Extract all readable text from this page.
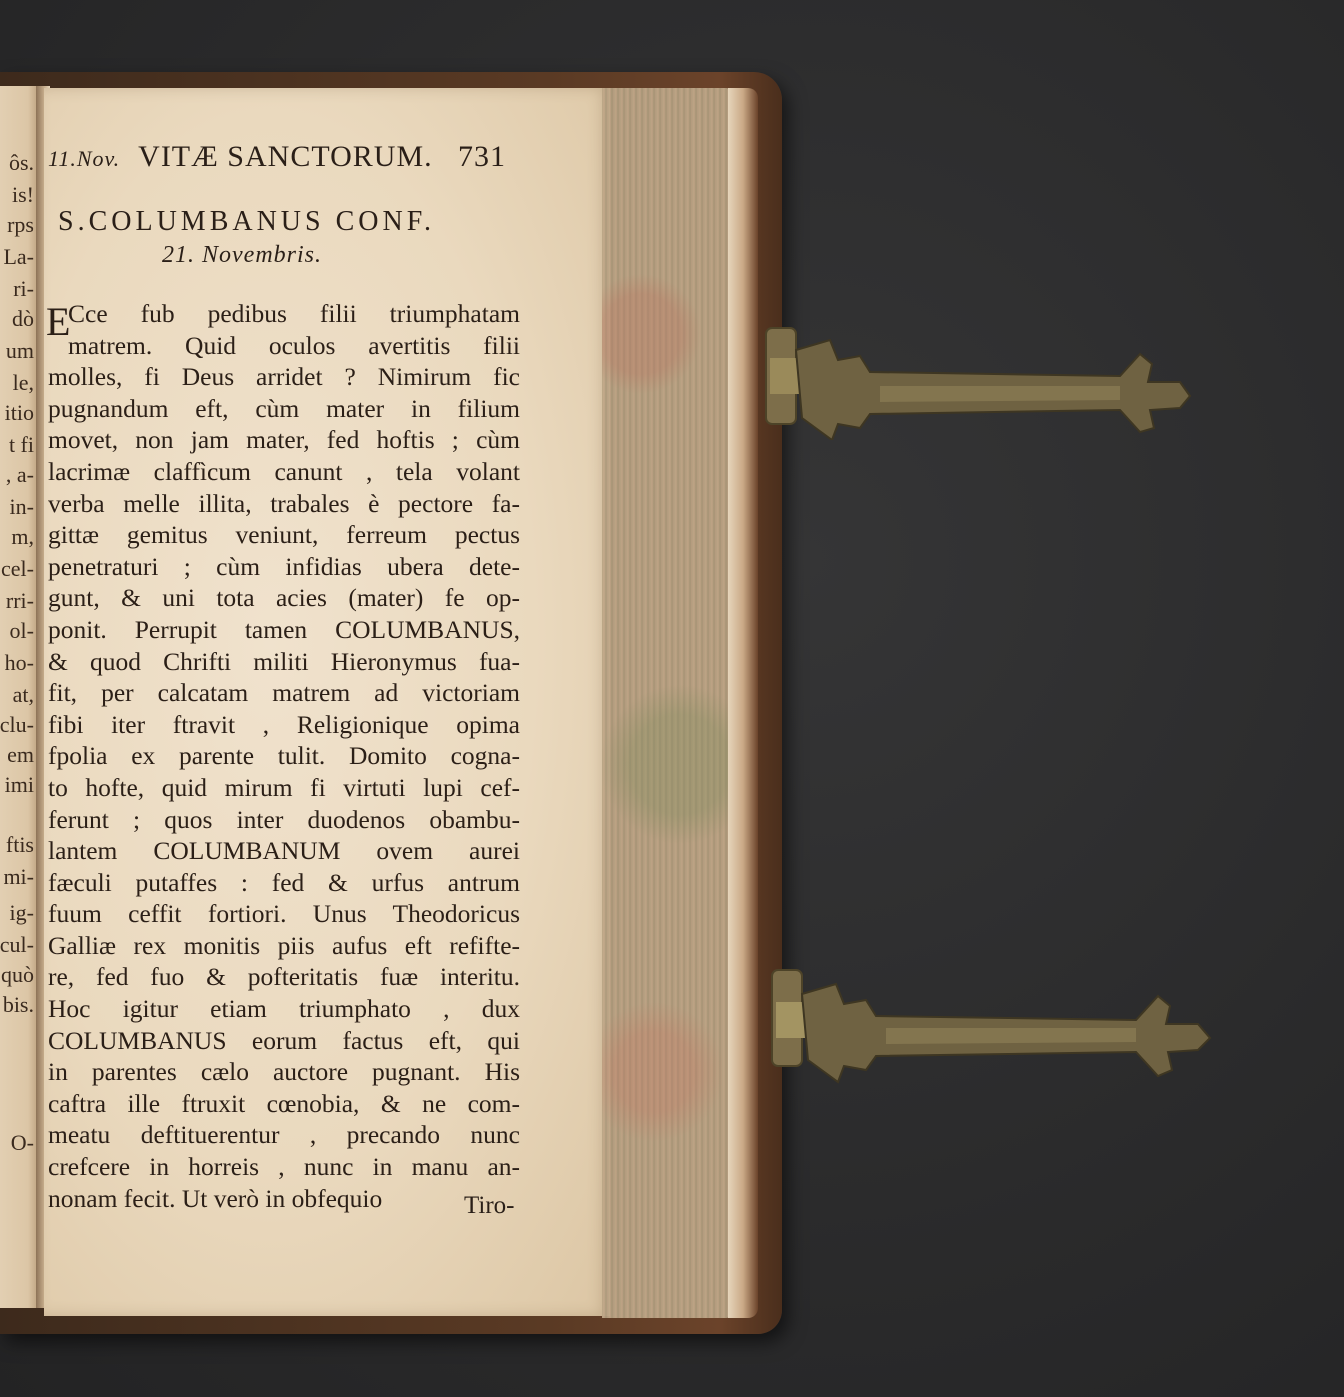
ôs.
is!
rps
La-
ri-
dò
um
le,
itio
t fi
, a-
in-
m,
cel-
rri-
ol-
ho-
at,
clu-
em
imi
ftis
mi-
ig-
cul-
quò
bis.
O-
11.Nov. VITÆ SANCTORUM. 731
S.COLUMBANUS CONF.
21. Novembris.
E
Cce fub pedibus filii triumphatam
matrem. Quid oculos avertitis filii
molles, fi Deus arridet ? Nimirum fic
pugnandum eft, cùm mater in filium
movet, non jam mater, fed hoftis ; cùm
lacrimæ claffìcum canunt , tela volant
verba melle illita, trabales è pectore fa-
gittæ gemitus veniunt, ferreum pectus
penetraturi ; cùm infidias ubera dete-
gunt, & uni tota acies (mater) fe op-
ponit. Perrupit tamen COLUMBANUS,
& quod Chrifti militi Hieronymus fua-
fit, per calcatam matrem ad victoriam
fibi iter ftravit , Religionique opima
fpolia ex parente tulit. Domito cogna-
to hofte, quid mirum fi virtuti lupi cef-
ferunt ; quos inter duodenos obambu-
lantem COLUMBANUM ovem aurei
fæculi putaffes : fed & urfus antrum
fuum ceffit fortiori. Unus Theodoricus
Galliæ rex monitis piis aufus eft refifte-
re, fed fuo & pofteritatis fuæ interitu.
Hoc igitur etiam triumphato , dux
COLUMBANUS eorum factus eft, qui
in parentes cælo auctore pugnant. His
caftra ille ftruxit cœnobia, & ne com-
meatu deftituerentur , precando nunc
crefcere in horreis , nunc in manu an-
nonam fecit. Ut verò in obfequio	Tiro-
